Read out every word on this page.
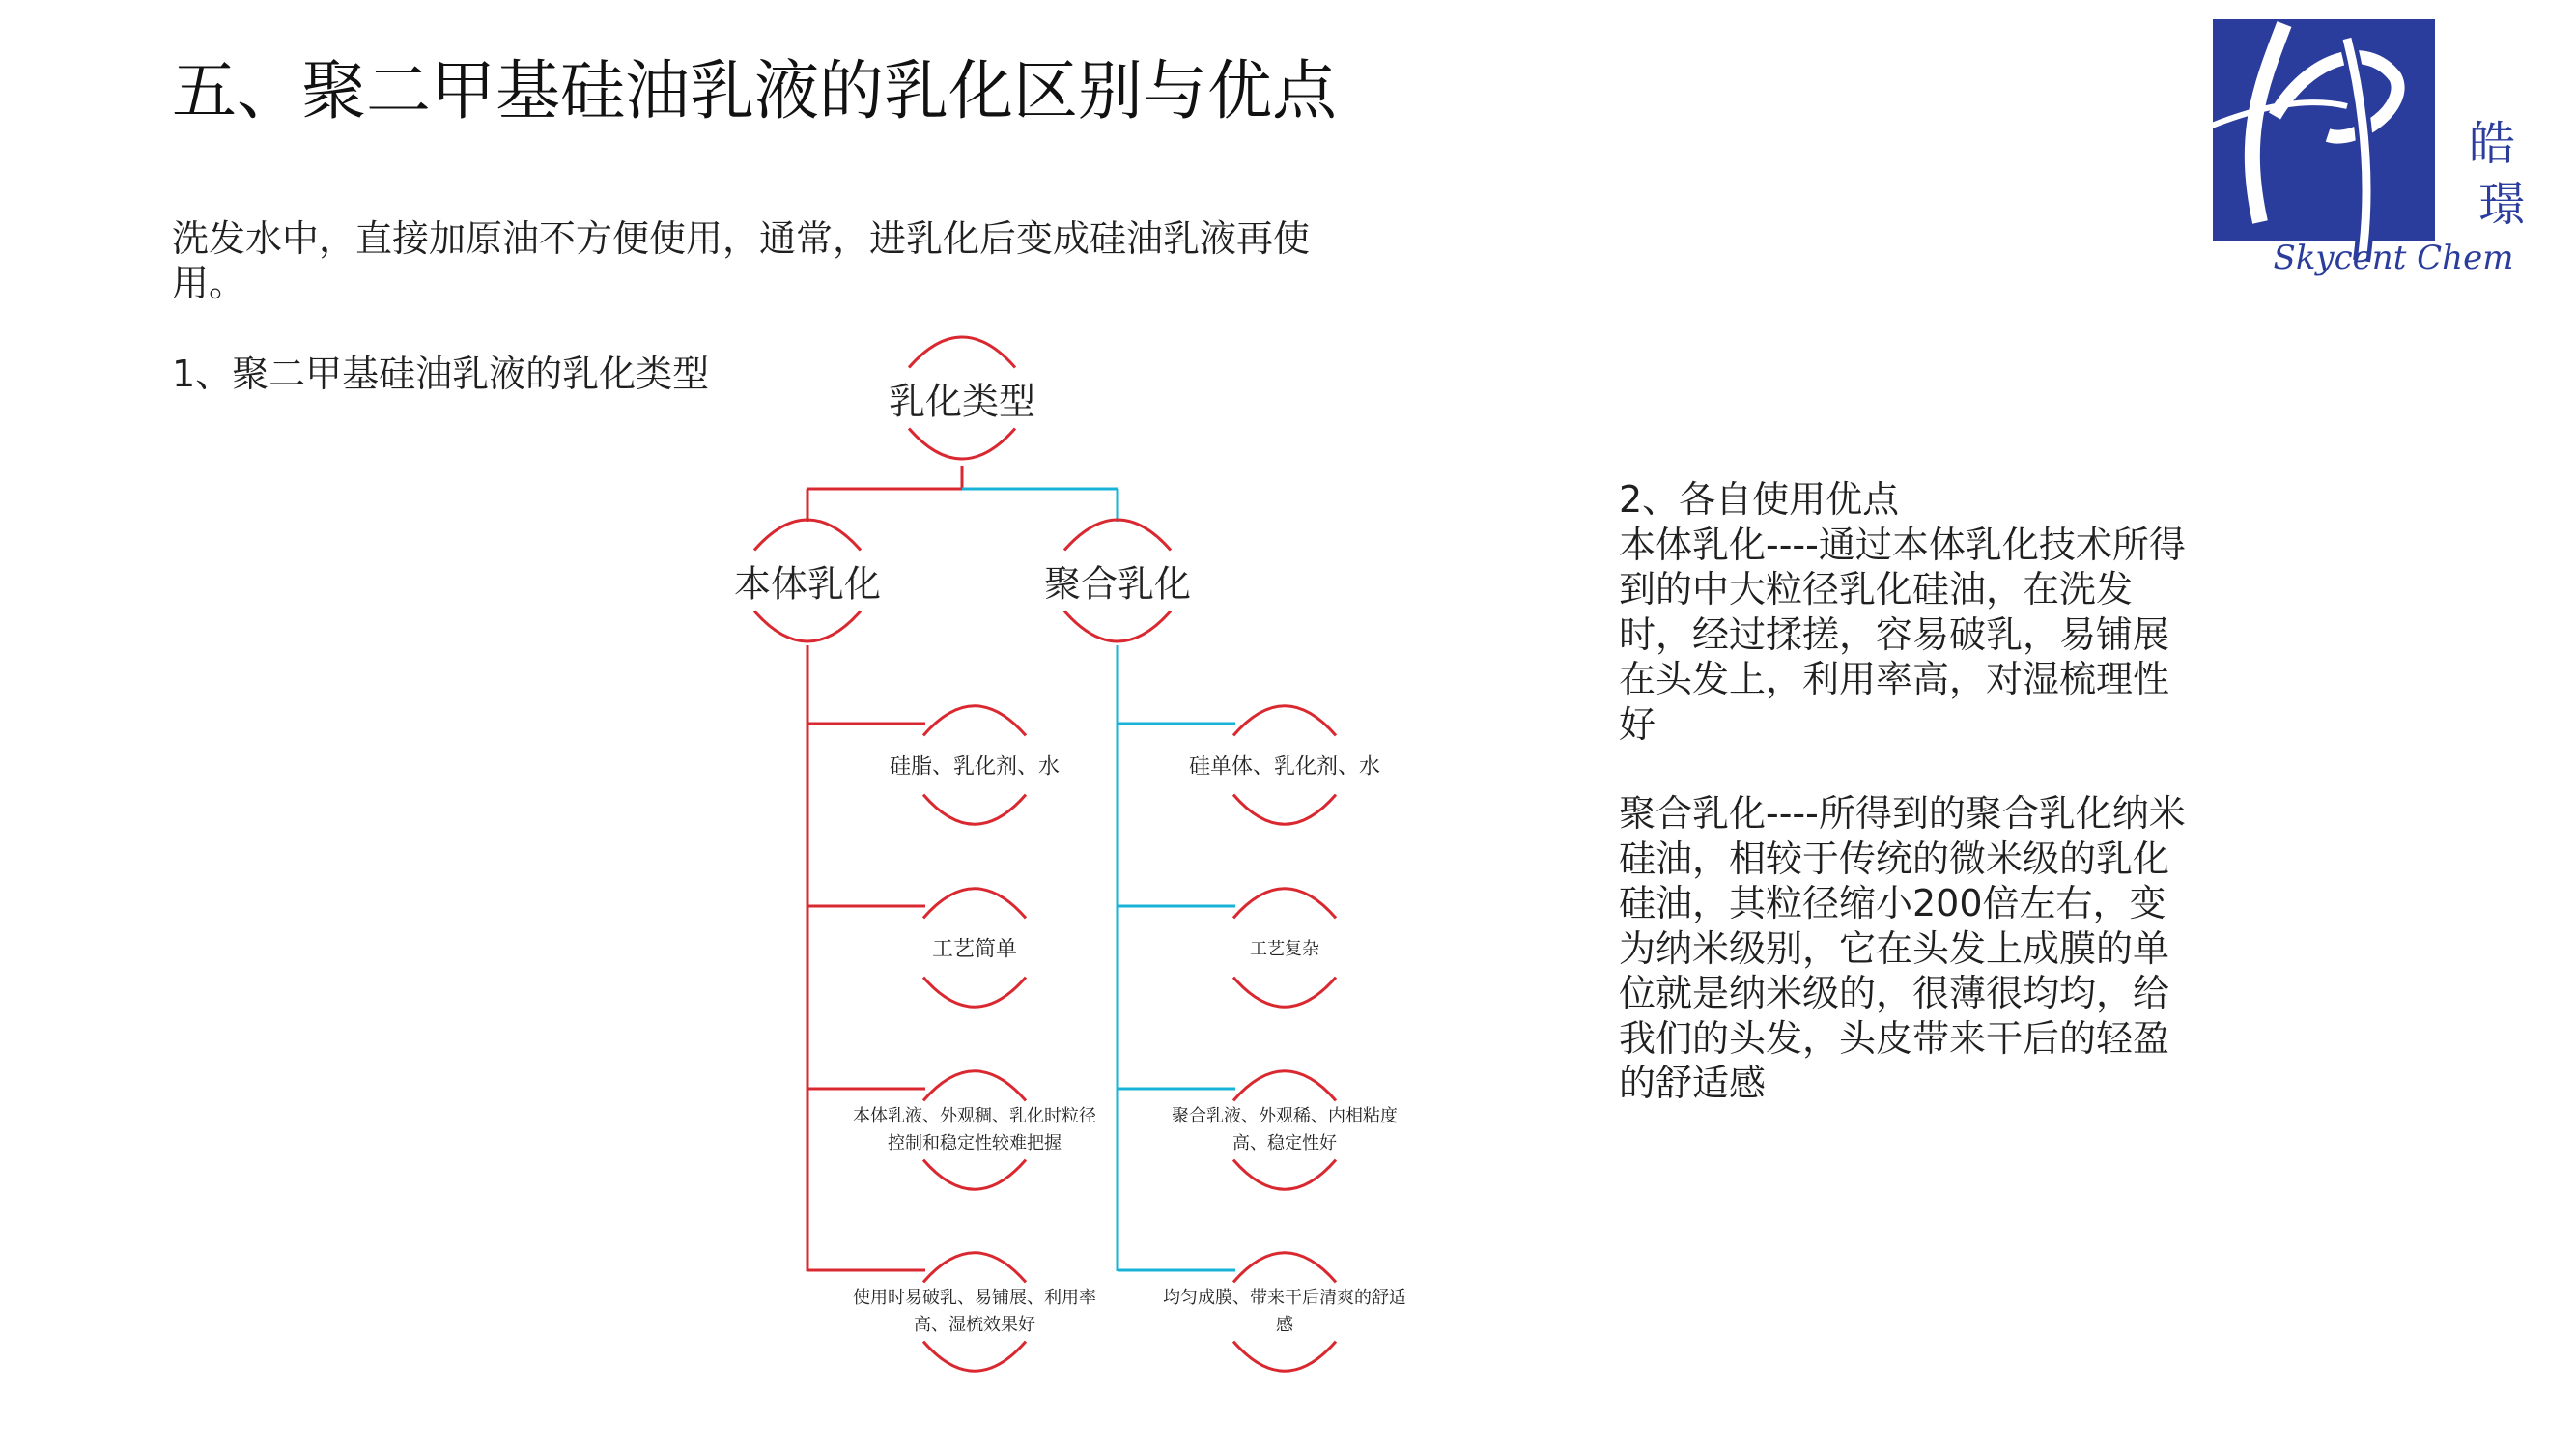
五、聚二甲基硅油乳液的乳化区别与优点
洗发水中，直接加原油不方便使用，通常，进乳化后变成硅油乳液再使用。
1、聚二甲基硅油乳液的乳化类型

2、各自使用优点

本体乳化----通过本体乳化技术所得到的中大粒径乳化硅油，在洗发时，经过揉搓，容易破乳，易铺展在头发上，利用率高，对湿梳理性好

聚合乳化----所得到的聚合乳化纳米硅油，相较于传统的微米级的乳化硅油，其粒径缩小200倍左右，变为纳米级别，它在头发上成膜的单位就是纳米级的，很薄很均均，给我们的头发，头皮带来干后的轻盈的舒适感

乳化类型
本体乳化	聚合乳化
硅脂、乳化剂、水
工艺简单
本体乳液、外观稠、乳化时粒径控制和稳定性较难把握
使用时易破乳、易铺展、利用率高、湿梳效果好
硅单体、乳化剂、水
工艺复杂
聚合乳液、外观稀、内相粘度高、稳定性好
均匀成膜、带来干后清爽的舒适感
皓
璟
Skycent Chem
